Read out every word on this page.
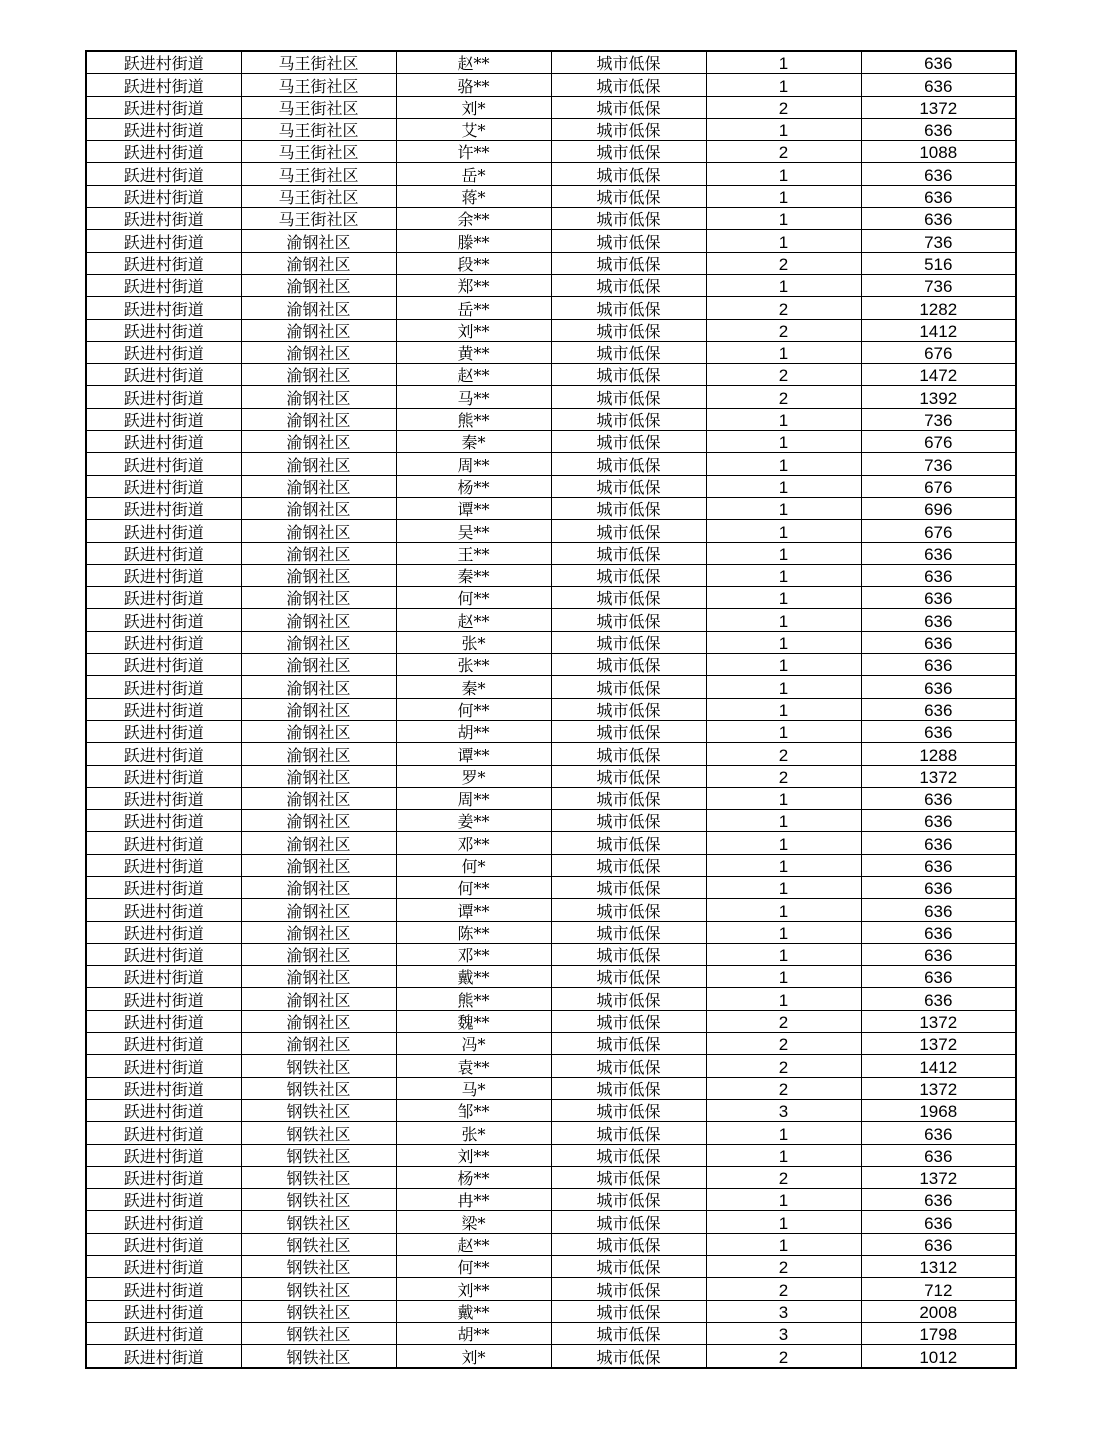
跃进村街道	马王街社区	赵**	城市低保	1	636
跃进村街道	马王街社区	骆**	城市低保	1	636
跃进村街道	马王街社区	刘*	城市低保	2	1372
跃进村街道	马王街社区	艾*	城市低保	1	636
跃进村街道	马王街社区	许**	城市低保	2	1088
跃进村街道	马王街社区	岳*	城市低保	1	636
跃进村街道	马王街社区	蒋*	城市低保	1	636
跃进村街道	马王街社区	余**	城市低保	1	636
跃进村街道	渝钢社区	滕**	城市低保	1	736
跃进村街道	渝钢社区	段**	城市低保	2	516
跃进村街道	渝钢社区	郑**	城市低保	1	736
跃进村街道	渝钢社区	岳**	城市低保	2	1282
跃进村街道	渝钢社区	刘**	城市低保	2	1412
跃进村街道	渝钢社区	黄**	城市低保	1	676
跃进村街道	渝钢社区	赵**	城市低保	2	1472
跃进村街道	渝钢社区	马**	城市低保	2	1392
跃进村街道	渝钢社区	熊**	城市低保	1	736
跃进村街道	渝钢社区	秦*	城市低保	1	676
跃进村街道	渝钢社区	周**	城市低保	1	736
跃进村街道	渝钢社区	杨**	城市低保	1	676
跃进村街道	渝钢社区	谭**	城市低保	1	696
跃进村街道	渝钢社区	吴**	城市低保	1	676
跃进村街道	渝钢社区	王**	城市低保	1	636
跃进村街道	渝钢社区	秦**	城市低保	1	636
跃进村街道	渝钢社区	何**	城市低保	1	636
跃进村街道	渝钢社区	赵**	城市低保	1	636
跃进村街道	渝钢社区	张*	城市低保	1	636
跃进村街道	渝钢社区	张**	城市低保	1	636
跃进村街道	渝钢社区	秦*	城市低保	1	636
跃进村街道	渝钢社区	何**	城市低保	1	636
跃进村街道	渝钢社区	胡**	城市低保	1	636
跃进村街道	渝钢社区	谭**	城市低保	2	1288
跃进村街道	渝钢社区	罗*	城市低保	2	1372
跃进村街道	渝钢社区	周**	城市低保	1	636
跃进村街道	渝钢社区	姜**	城市低保	1	636
跃进村街道	渝钢社区	邓**	城市低保	1	636
跃进村街道	渝钢社区	何*	城市低保	1	636
跃进村街道	渝钢社区	何**	城市低保	1	636
跃进村街道	渝钢社区	谭**	城市低保	1	636
跃进村街道	渝钢社区	陈**	城市低保	1	636
跃进村街道	渝钢社区	邓**	城市低保	1	636
跃进村街道	渝钢社区	戴**	城市低保	1	636
跃进村街道	渝钢社区	熊**	城市低保	1	636
跃进村街道	渝钢社区	魏**	城市低保	2	1372
跃进村街道	渝钢社区	冯*	城市低保	2	1372
跃进村街道	钢铁社区	袁**	城市低保	2	1412
跃进村街道	钢铁社区	马*	城市低保	2	1372
跃进村街道	钢铁社区	邹**	城市低保	3	1968
跃进村街道	钢铁社区	张*	城市低保	1	636
跃进村街道	钢铁社区	刘**	城市低保	1	636
跃进村街道	钢铁社区	杨**	城市低保	2	1372
跃进村街道	钢铁社区	冉**	城市低保	1	636
跃进村街道	钢铁社区	梁*	城市低保	1	636
跃进村街道	钢铁社区	赵**	城市低保	1	636
跃进村街道	钢铁社区	何**	城市低保	2	1312
跃进村街道	钢铁社区	刘**	城市低保	2	712
跃进村街道	钢铁社区	戴**	城市低保	3	2008
跃进村街道	钢铁社区	胡**	城市低保	3	1798
跃进村街道	钢铁社区	刘*	城市低保	2	1012
